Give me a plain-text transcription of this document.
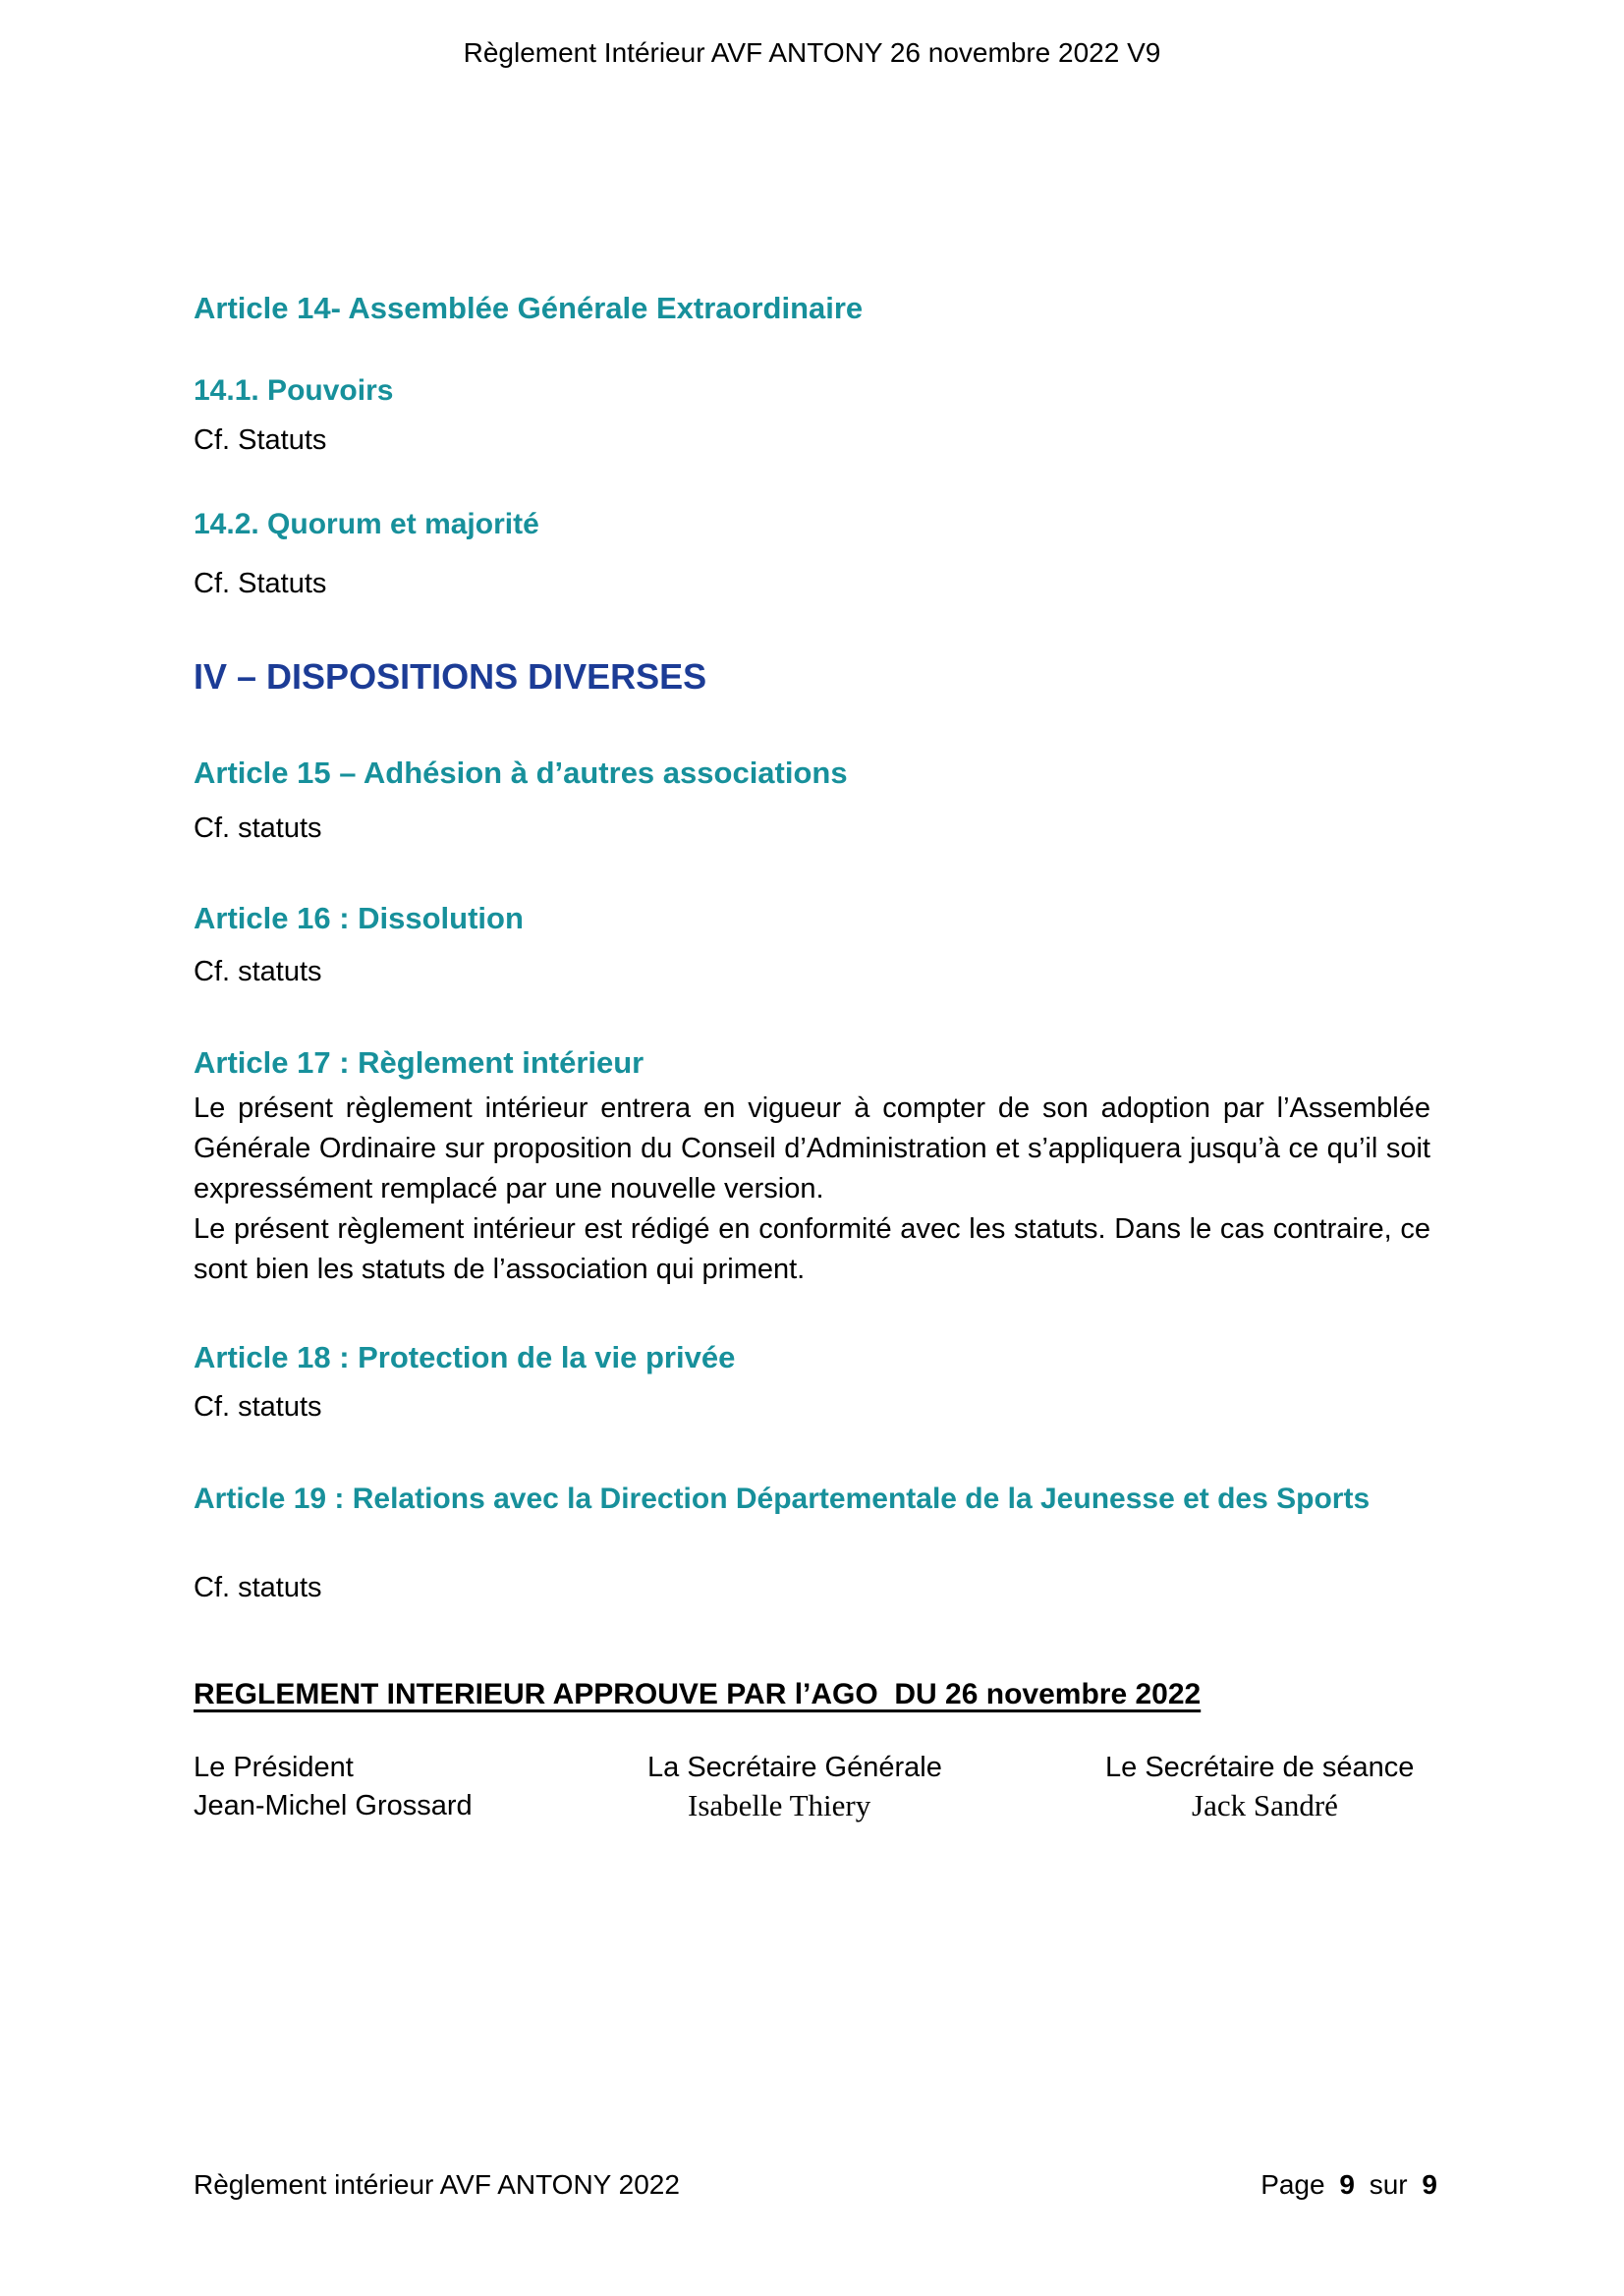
Règlement Intérieur AVF ANTONY 26 novembre 2022 V9
Article 14- Assemblée Générale Extraordinaire
14.1. Pouvoirs
Cf. Statuts
14.2. Quorum et majorité
Cf. Statuts
IV – DISPOSITIONS DIVERSES
Article 15 – Adhésion à d’autres associations
Cf. statuts
Article 16 : Dissolution
Cf. statuts
Article 17 : Règlement intérieur
Le présent règlement intérieur entrera en vigueur à compter de son adoption par l’Assemblée Générale Ordinaire sur proposition du Conseil d’Administration et s’appliquera jusqu’à ce qu’il soit expressément remplacé par une nouvelle version.
Le présent règlement intérieur est rédigé en conformité avec les statuts. Dans le cas contraire, ce sont bien les statuts de l’association qui priment.
Article 18 : Protection de la vie privée
Cf. statuts
Article 19 : Relations avec la Direction Départementale de la Jeunesse et des Sports
Cf. statuts
REGLEMENT INTERIEUR APPROUVE PAR l’AGO  DU 26 novembre 2022
Le Président	La Secrétaire Générale	Le Secrétaire de séance
Jean-Michel Grossard	Isabelle Thiery	Jack Sandré
Règlement intérieur AVF ANTONY 2022	Page 9 sur 9
